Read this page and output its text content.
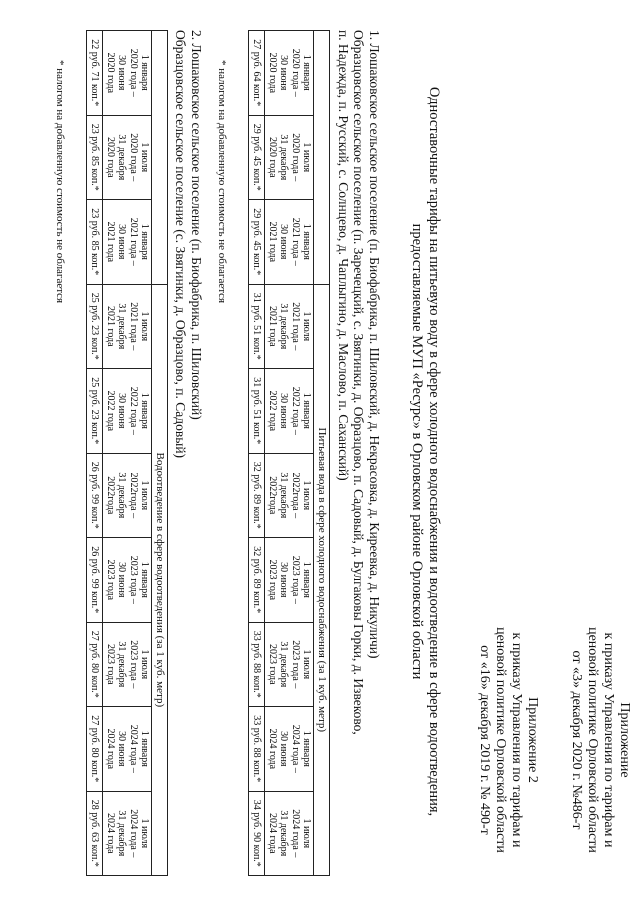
Приложение
к приказу Управления по тарифам и
ценовой политике Орловской области
от «3» декабря 2020 г. №486-т
Приложение 2
к приказу Управления по тарифам и
ценовой политике Орловской области
от «16» декабря 2019 г. № 490-т
Одноставочные тарифы на питьевую воду в сфере холодного водоснабжения и водоотведение в сфере водоотведения,
предоставляемые МУП «Ресурс» в Орловском районе Орловской области
1. Лошаковское сельское поселение (п. Биофабрика, п. Шиловский, д. Некрасовка, д. Киреевка, д. Никуличи)
Образцовское сельское поселение (п. Заречецкий, с. Звягинки, д. Образцово, п. Садовый, д. Булгаковы Горки, д. Извеково,
п. Надежда, п. Русский, с. Солнцево, д. Чаплыгино, д. Маслово, п. Саханский)
			Питьевая вода в сфере холодного водоснабжения (за 1 куб. метр)						

1 января
2020 года –
30 июня
2020 года	1 июля
2020 года –
31 декабря
2020 года	1 января
2021 года –
30 июня
2021 года	1 июля
2021 года –
31 декабря
2021 года	1 января
2022 года –
30 июня
2022 года	1 июля
2022года –
31 декабря
2022года	1 января
2023 года –
30 июня
2023 года	1 июля
2023 года –
31 декабря
2023 года	1 января
2024 года –
30 июня
2024 года	1 июля
2024 года –
31 декабря
2024 года

27 руб. 64 коп.*	29 руб. 45 коп.*	29 руб. 45 коп.*	31 руб. 51 коп.*	31 руб. 51 коп.*	32 руб. 89 коп.*	32 руб. 89 коп.*	33 руб. 88 коп.*	33 руб. 88 коп.*	34 руб. 90 коп.*
* налогом на добавленную стоимость не облагается
2. Лошаковское сельское поселение (п. Биофабрика, п. Шиловский)
Образцовское сельское поселение (с. Звягинки, д. Образцово, п. Садовый)
			Водоотведение в сфере водоотведения (за 1 куб. метр)						

1 января
2020 года –
30 июня
2020 года	1 июля
2020 года –
31 декабря
2020 года	1 января
2021 года –
30 июня
2021 года	1 июля
2021 года –
31 декабря
2021 года	1 января
2022 года –
30 июня
2022 года	1 июля
2022года –
31 декабря
2022года	1 января
2023 года –
30 июня
2023 года	1 июля
2023 года –
31 декабря
2023 года	1 января
2024 года –
30 июня
2024 года	1 июля
2024 года –
31 декабря
2024 года

22 руб. 71 коп.*	23 руб. 85 коп.*	23 руб. 85 коп.*	25 руб. 23 коп.*	25 руб. 23 коп.*	26 руб. 99 коп.*	26 руб. 99 коп.*	27 руб. 80 коп.*	27 руб. 80 коп.*	28 руб. 63 коп.*
* налогом на добавленную стоимость не облагается
